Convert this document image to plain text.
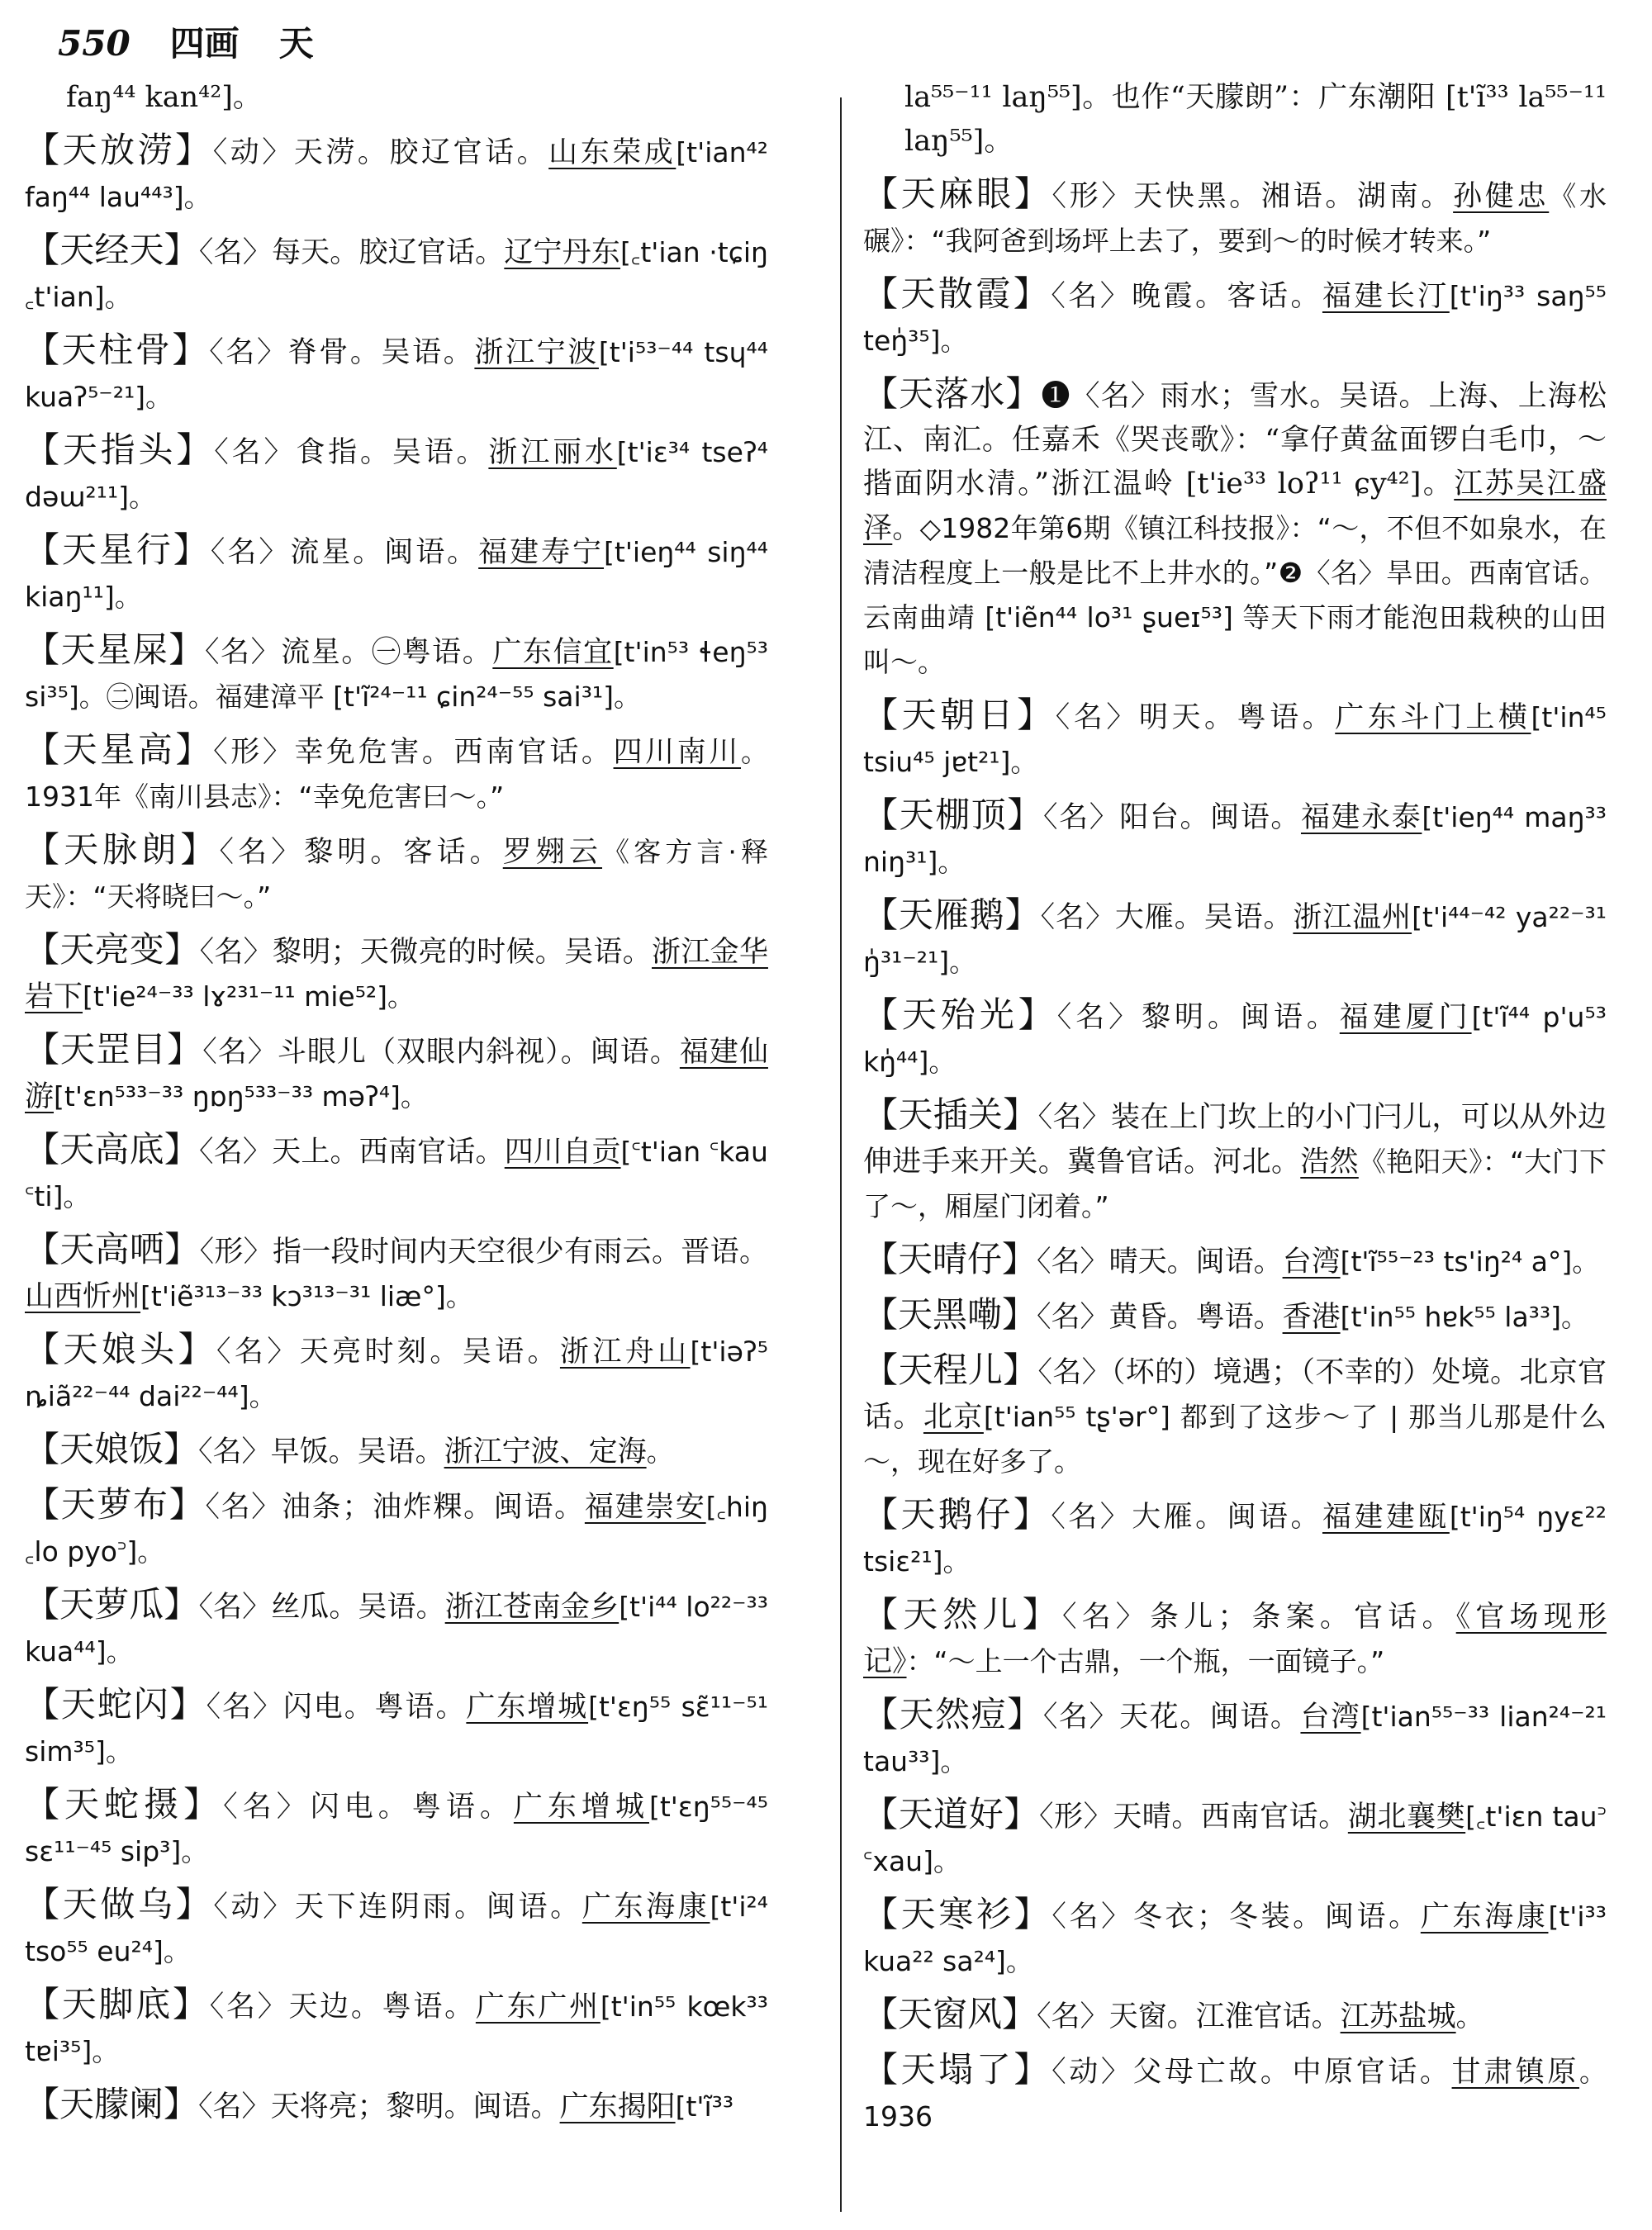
550 四画 天
faŋ⁴⁴ kan⁴²]。
【天放涝】〈动〉天涝。胶辽官话。山东荣成[t'ian⁴² faŋ⁴⁴ lau⁴⁴³]。
【天经天】〈名〉每天。胶辽官话。辽宁丹东[꜀t'ian ·tɕiŋ ꜀t'ian]。
【天柱骨】〈名〉脊骨。吴语。浙江宁波[t'i⁵³⁻⁴⁴ tsɥ⁴⁴ kuaʔ⁵⁻²¹]。
【天指头】〈名〉食指。吴语。浙江丽水[t'iɛ³⁴ tseʔ⁴ dəɯ²¹¹]。
【天星行】〈名〉流星。闽语。福建寿宁[t'ieŋ⁴⁴ siŋ⁴⁴ kiaŋ¹¹]。
【天星屎】〈名〉流星。㊀粤语。广东信宜[t'in⁵³ ɬeŋ⁵³ si³⁵]。㊁闽语。福建漳平 [t'ĩ²⁴⁻¹¹ ɕin²⁴⁻⁵⁵ sai³¹]。
【天星高】〈形〉幸免危害。西南官话。四川南川。1931年《南川县志》：“幸免危害曰～。”
【天脉朗】〈名〉黎明。客话。罗翙云《客方言·释天》：“天将晓曰～。”
【天亮变】〈名〉黎明；天微亮的时候。吴语。浙江金华岩下[t'ie²⁴⁻³³ lɤ²³¹⁻¹¹ mie⁵²]。
【天罡目】〈名〉斗眼儿（双眼内斜视）。闽语。福建仙游[t'ɛn⁵³³⁻³³ ŋɒŋ⁵³³⁻³³ məʔ⁴]。
【天高底】〈名〉天上。西南官话。四川自贡[꜂t'ian ꜂kau ꜂ti]。
【天高哂】〈形〉指一段时间内天空很少有雨云。晋语。山西忻州[t'iẽ³¹³⁻³³ kɔ³¹³⁻³¹ liæ°]。
【天娘头】〈名〉天亮时刻。吴语。浙江舟山[t'iəʔ⁵ ȵiã²²⁻⁴⁴ dai²²⁻⁴⁴]。
【天娘饭】〈名〉早饭。吴语。浙江宁波、定海。
【天萝布】〈名〉油条；油炸粿。闽语。福建崇安[꜀hiŋ ꜀lo pyo꜄]。
【天萝瓜】〈名〉丝瓜。吴语。浙江苍南金乡[t'i⁴⁴ lo²²⁻³³ kua⁴⁴]。
【天蛇闪】〈名〉闪电。粤语。广东增城[t'ɛŋ⁵⁵ sɛ̃¹¹⁻⁵¹ sim³⁵]。
【天蛇摄】〈名〉闪电。粤语。广东增城[t'ɛŋ⁵⁵⁻⁴⁵ sɛ¹¹⁻⁴⁵ sip³]。
【天做乌】〈动〉天下连阴雨。闽语。广东海康[t'i²⁴ tso⁵⁵ eu²⁴]。
【天脚底】〈名〉天边。粤语。广东广州[t'in⁵⁵ kœk³³ tɐi³⁵]。
【天朦阑】〈名〉天将亮；黎明。闽语。广东揭阳[t'ĩ³³
la⁵⁵⁻¹¹ laŋ⁵⁵]。也作“天朦朗”：广东潮阳 [t'ĩ³³ la⁵⁵⁻¹¹ laŋ⁵⁵]。
【天麻眼】〈形〉天快黑。湘语。湖南。孙健忠《水碾》：“我阿爸到场坪上去了，要到～的时候才转来。”
【天散霞】〈名〉晚霞。客话。福建长汀[t'iŋ³³ saŋ⁵⁵ teŋ̍³⁵]。
【天落水】❶〈名〉雨水；雪水。吴语。上海、上海松江、南汇。任嘉禾《哭丧歌》：“拿仔黄盆面锣白毛巾，～揩面阴水清。”浙江温岭 [t'ie³³ loʔ¹¹ ɕy⁴²]。江苏吴江盛泽。◇1982年第6期《镇江科技报》：“～，不但不如泉水，在清洁程度上一般是比不上井水的。”❷〈名〉旱田。西南官话。云南曲靖 [t'iẽn⁴⁴ lo³¹ ʂueɪ⁵³] 等天下雨才能泡田栽秧的山田叫～。
【天朝日】〈名〉明天。粤语。广东斗门上横[t'in⁴⁵ tsiu⁴⁵ jɐt²¹]。
【天棚顶】〈名〉阳台。闽语。福建永泰[t'ieŋ⁴⁴ maŋ³³ niŋ³¹]。
【天雁鹅】〈名〉大雁。吴语。浙江温州[t'i⁴⁴⁻⁴² ya²²⁻³¹ ŋ̍³¹⁻²¹]。
【天殆光】〈名〉黎明。闽语。福建厦门[t'ĩ⁴⁴ p'u⁵³ kŋ̍⁴⁴]。
【天插关】〈名〉装在上门坎上的小门闩儿，可以从外边伸进手来开关。冀鲁官话。河北。浩然《艳阳天》：“大门下了～，厢屋门闭着。”
【天晴仔】〈名〉晴天。闽语。台湾[t'ĩ⁵⁵⁻²³ ts'iŋ²⁴ a°]。
【天黑嘞】〈名〉黄昏。粤语。香港[t'in⁵⁵ hɐk⁵⁵ la³³]。
【天程儿】〈名〉（坏的）境遇；（不幸的）处境。北京官话。北京[t'ian⁵⁵ tʂ'ər°] 都到了这步～了 | 那当儿那是什么～，现在好多了。
【天鹅仔】〈名〉大雁。闽语。福建建瓯[t'iŋ⁵⁴ ŋyɛ²² tsiɛ²¹]。
【天然儿】〈名〉条儿；条案。官话。《官场现形记》：“～上一个古鼎，一个瓶，一面镜子。”
【天然痘】〈名〉天花。闽语。台湾[t'ian⁵⁵⁻³³ lian²⁴⁻²¹ tau³³]。
【天道好】〈形〉天晴。西南官话。湖北襄樊[꜀t'iɛn tau꜄ ꜂xau]。
【天寒衫】〈名〉冬衣；冬装。闽语。广东海康[t'i³³ kua²² sa²⁴]。
【天窗风】〈名〉天窗。江淮官话。江苏盐城。
【天塌了】〈动〉父母亡故。中原官话。甘肃镇原。1936
